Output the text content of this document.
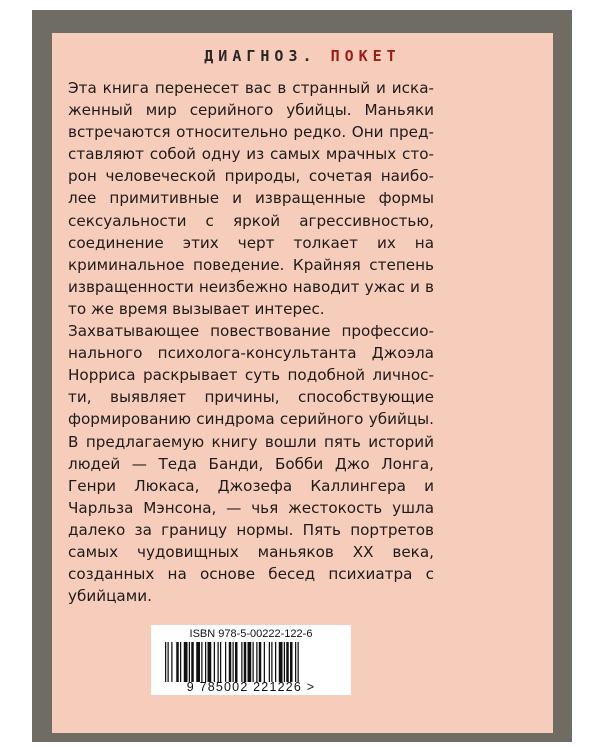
ДИАГНОЗ. ПОКЕТ

Эта книга перенесет вас в странный и искаженный мир серийного убийцы. Маньяки встречаются относительно редко. Они представляют собой одну из самых мрачных сторон человеческой природы, сочетая наиболее примитивные и извращенные формы сексуальности с яркой агрессивностью, соединение этих черт толкает их на криминальное поведение. Крайняя степень извращенности неизбежно наводит ужас и в то же время вызывает интерес.

Захватывающее повествование профессионального психолога-консультанта Джоэла Норриса раскрывает суть подобной личности, выявляет причины, способствующие формированию синдрома серийного убийцы. В предлагаемую книгу вошли пять историй людей — Теда Банди, Бобби Джо Лонга, Генри Люкаса, Джозефа Каллингера и Чарльза Мэнсона, — чья жестокость ушла далеко за границу нормы. Пять портретов самых чудовищных маньяков XX века, созданных на основе бесед психиатра с убийцами.

ISBN 978-5-00222-122-6
9 785002 221226 >
